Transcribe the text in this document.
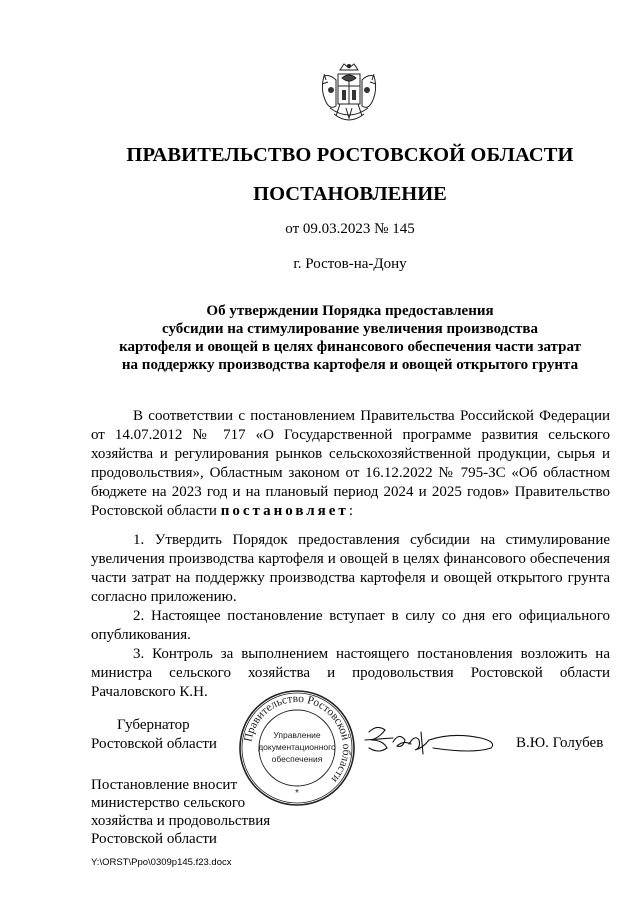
ПРАВИТЕЛЬСТВО РОСТОВСКОЙ ОБЛАСТИ
ПОСТАНОВЛЕНИЕ
от 09.03.2023 № 145
г. Ростов-на-Дону
Об утверждении Порядка предоставления
субсидии на стимулирование увеличения производства
картофеля и овощей в целях финансового обеспечения части затрат
на поддержку производства картофеля и овощей открытого грунта

В соответствии с постановлением Правительства Российской Федерации от 14.07.2012 № 717 «О Государственной программе развития сельского хозяйства и регулирования рынков сельскохозяйственной продукции, сырья и продовольствия», Областным законом от 16.12.2022 № 795-ЗС «Об областном бюджете на 2023 год и на плановый период 2024 и 2025 годов» Правительство Ростовской области постановляет:

1. Утвердить Порядок предоставления субсидии на стимулирование увеличения производства картофеля и овощей в целях финансового обеспечения части затрат на поддержку производства картофеля и овощей открытого грунта согласно приложению.

2. Настоящее постановление вступает в силу со дня его официального опубликования.

3. Контроль за выполнением настоящего постановления возложить на министра сельского хозяйства и продовольствия Ростовской области Рачаловского К.Н.

Губернатор
Ростовской области Правительство Ростовской области
Управление
документационного
обеспечения
*
В.Ю. Голубев
Постановление вносит
министерство сельского
хозяйства и продовольствия
Ростовской области
Y:\ORST\Ppo\0309p145.f23.docx
